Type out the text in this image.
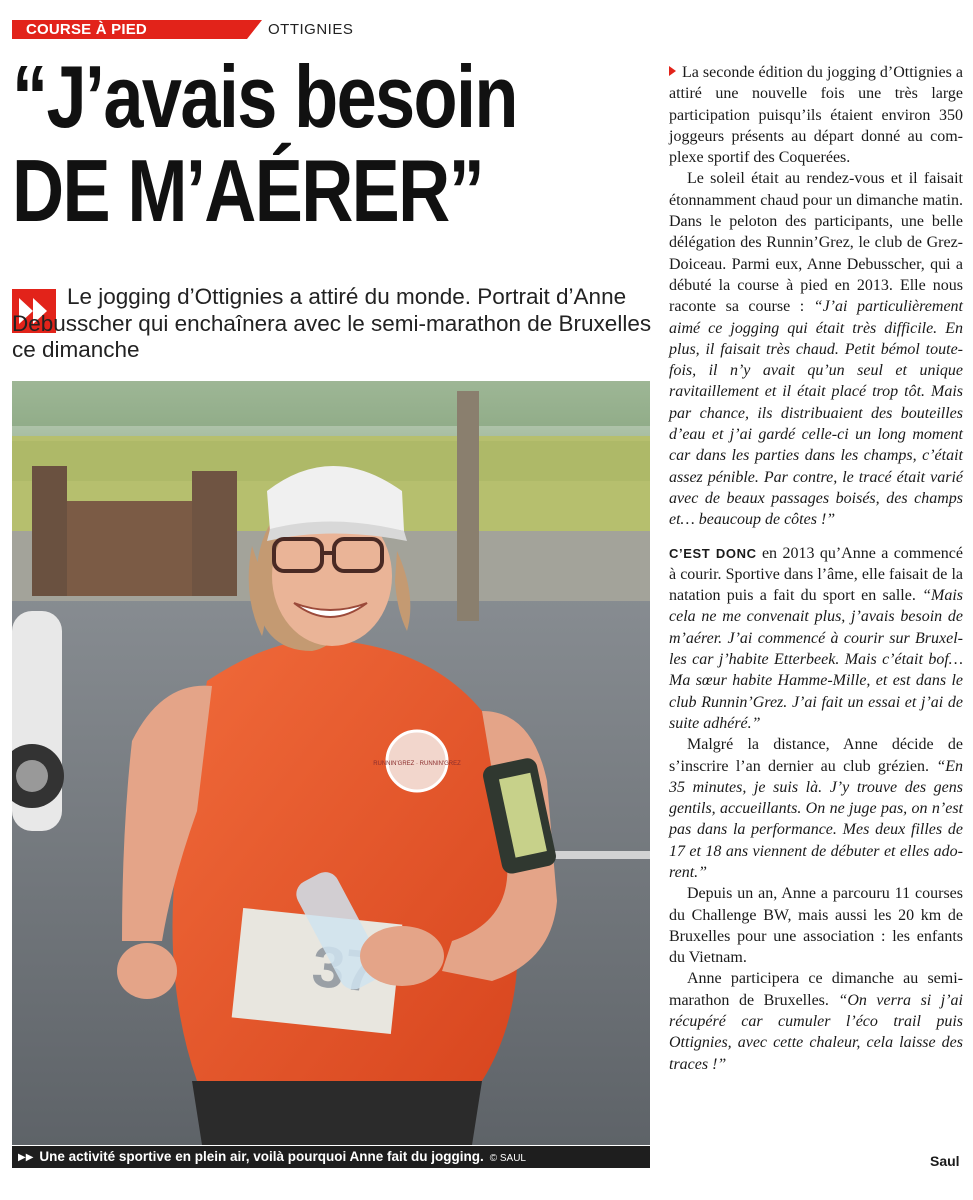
COURSE À PIED	OTTIGNIES
“J’avais besoin
DE M’AÉRER”

Le jogging d’Ottignies a attiré du monde. Portrait d’Anne Debusscher qui enchaînera avec le semi-marathon de Bruxelles ce dimanche

RUNNIN'GREZ · RUNNIN'GREZ
▶▶ Une activité sportive en plein air, voilà pourquoi Anne fait du jogging. © SAUL

La seconde édition du jogging d’Ottignies a attiré une nouvelle fois une très large participation puisqu’ils étaient environ 350 joggeurs présents au départ donné au complexe sportif des Coquerées.

Le soleil était au rendez-vous et il faisait étonnamment chaud pour un dimanche matin. Dans le peloton des participants, une belle délégation des Runnin’Grez, le club de Grez-Doiceau. Parmi eux, Anne Debusscher, qui a débuté la course à pied en 2013. Elle nous raconte sa course : “J’ai particulièrement aimé ce jogging qui était très difficile. En plus, il faisait très chaud. Petit bémol toutefois, il n’y avait qu’un seul et unique ravitaillement et il était placé trop tôt. Mais par chance, ils distribuaient des bouteilles d’eau et j’ai gardé celle-ci un long moment car dans les parties dans les champs, c’était assez pénible. Par contre, le tracé était varié avec de beaux passages boisés, des champs et… beaucoup de côtes !”

C’EST DONC en 2013 qu’Anne a commencé à courir. Sportive dans l’âme, elle faisait de la natation puis a fait du sport en salle. “Mais cela ne me convenait plus, j’avais besoin de m’aérer. J’ai commencé à courir sur Bruxelles car j’habite Etterbeek. Mais c’était bof… Ma sœur habite Hamme-Mille, et est dans le club Runnin’Grez. J’ai fait un essai et j’ai de suite adhéré.”

Malgré la distance, Anne décide de s’inscrire l’an dernier au club grézien. “En 35 minutes, je suis là. J’y trouve des gens gentils, accueillants. On ne juge pas, on n’est pas dans la performance. Mes deux filles de 17 et 18 ans viennent de débuter et elles adorent.”

Depuis un an, Anne a parcouru 11 courses du Challenge BW, mais aussi les 20 km de Bruxelles pour une association : les enfants du Vietnam.

Anne participera ce dimanche au semi-marathon de Bruxelles. “On verra si j’ai récupéré car cumuler l’éco trail puis Ottignies, avec cette chaleur, cela laisse des traces !”

Saul
